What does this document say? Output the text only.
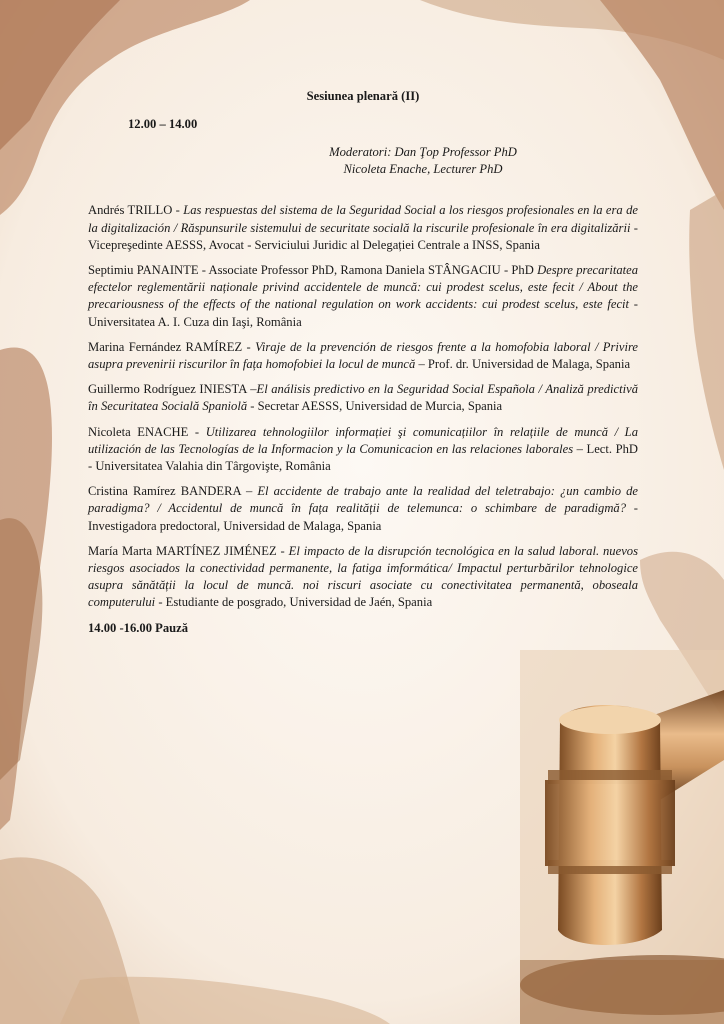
Sesiunea plenară (II)
12.00 – 14.00
Moderatori: Dan Ţop Professor PhD
Nicoleta Enache, Lecturer PhD

Andrés TRILLO - Las respuestas del sistema de la Seguridad Social a los riesgos profesionales en la era de la digitalización / Răspunsurile sistemului de securitate socială la riscurile profesionale în era digitalizării - Vicepreşedinte AESSS, Avocat - Serviciului Juridic al Delegației Centrale a INSS, Spania

Septimiu PANAINTE - Associate Professor PhD, Ramona Daniela STÂNGACIU - PhD Despre precaritatea efectelor reglementării naționale privind accidentele de muncă: cui prodest scelus, este fecit / About the precariousness of the effects of the national regulation on work accidents: cui prodest scelus, este fecit - Universitatea A. I. Cuza din Iaşi, România

Marina Fernández RAMÍREZ - Viraje de la prevención de riesgos frente a la homofobia laboral / Privire asupra prevenirii riscurilor în fața homofobiei la locul de muncă – Prof. dr. Universidad de Malaga, Spania

Guillermo Rodríguez INIESTA –El análisis predictivo en la Seguridad Social Española / Analiză predictivă în Securitatea Socială Spaniolă - Secretar AESSS, Universidad de Murcia, Spania

Nicoleta ENACHE - Utilizarea tehnologiilor informației şi comunicațiilor în relațiile de muncă / La utilización de las Tecnologías de la Informacion y la Comunicacion en las relaciones laborales – Lect. PhD - Universitatea Valahia din Târgovişte, România

Cristina Ramírez BANDERA – El accidente de trabajo ante la realidad del teletrabajo: ¿un cambio de paradigma? / Accidentul de muncă în fața realității de telemunca: o schimbare de paradigmă? - Investigadora predoctoral, Universidad de Malaga, Spania

María Marta MARTÍNEZ JIMÉNEZ - El impacto de la disrupción tecnológica en la salud laboral. nuevos riesgos asociados la conectividad permanente, la fatiga imformática/ Impactul perturbărilor tehnologice asupra sănătății la locul de muncă. noi riscuri asociate cu conectivitatea permanentă, oboseala computerului - Estudiante de posgrado, Universidad de Jaén, Spania

14.00 -16.00 Pauză
